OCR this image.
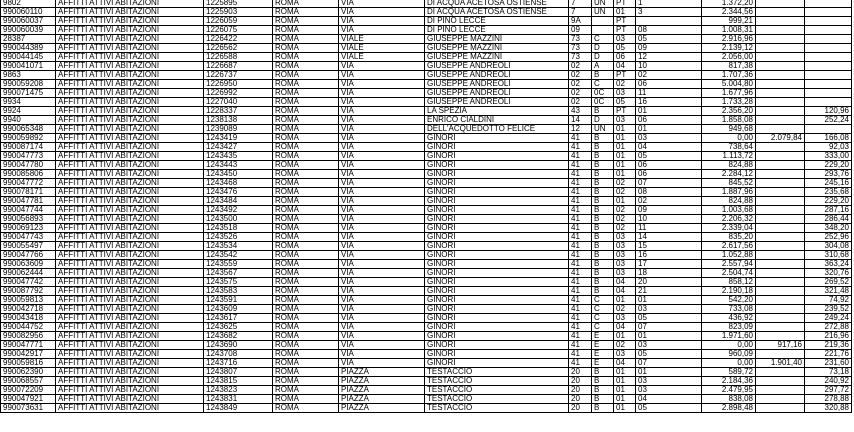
9802	AFFITTI ATTIVI ABITAZIONI	1225895	ROMA	VIA	DI ACQUA ACETOSA OSTIENSE	7	UN	PT	1	1.372,20		
990060110	AFFITTI ATTIVI ABITAZIONI	1225903	ROMA	VIA	DI ACQUA ACETOSA OSTIENSE	7	UN	01	3	2.344,56		
990060037	AFFITTI ATTIVI ABITAZIONI	1226059	ROMA	VIA	DI PINO LECCE	9A		PT		999,21		
990060039	AFFITTI ATTIVI ABITAZIONI	1226075	ROMA	VIA	DI PINO LECCE	09		PT	08	1.008,31		
28387	AFFITTI ATTIVI ABITAZIONI	1226422	ROMA	VIALE	GIUSEPPE MAZZINI	73	C	03	05	2.916,96		
990044389	AFFITTI ATTIVI ABITAZIONI	1226562	ROMA	VIALE	GIUSEPPE MAZZINI	73	D	05	09	2.139,12		
990044145	AFFITTI ATTIVI ABITAZIONI	1226588	ROMA	VIALE	GIUSEPPE MAZZINI	73	D	06	12	2.056,00		
990041071	AFFITTI ATTIVI ABITAZIONI	1226687	ROMA	VIA	GIUSEPPE ANDREOLI	02	A	04	10	817,38		
9863	AFFITTI ATTIVI ABITAZIONI	1226737	ROMA	VIA	GIUSEPPE ANDREOLI	02	B	PT	02	1.707,36		
990059208	AFFITTI ATTIVI ABITAZIONI	1226950	ROMA	VIA	GIUSEPPE ANDREOLI	02	C	02	06	5.004,80		
990071475	AFFITTI ATTIVI ABITAZIONI	1226992	ROMA	VIA	GIUSEPPE ANDREOLI	02	0C	03	11	1.677,96		
9934	AFFITTI ATTIVI ABITAZIONI	1227040	ROMA	VIA	GIUSEPPE ANDREOLI	02	0C	05	16	1.733,28		
9924	AFFITTI ATTIVI ABITAZIONI	1228337	ROMA	VIA	LA SPEZIA	43	B	PT	01	2.356,20		120,96
9940	AFFITTI ATTIVI ABITAZIONI	1238138	ROMA	VIA	ENRICO CIALDINI	14	D	03	06	1.858,08		252,24
990065348	AFFITTI ATTIVI ABITAZIONI	1239089	ROMA	VIA	DELL'ACQUEDOTTO FELICE	12	UN	01	01	949,68		
990059892	AFFITTI ATTIVI ABITAZIONI	1243419	ROMA	VIA	GINORI	41	B	01	03	0,00	2.079,84	166,08
990087174	AFFITTI ATTIVI ABITAZIONI	1243427	ROMA	VIA	GINORI	41	B	01	04	738,64		92,03
990047773	AFFITTI ATTIVI ABITAZIONI	1243435	ROMA	VIA	GINORI	41	B	01	05	1.113,72		333,00
990047780	AFFITTI ATTIVI ABITAZIONI	1243443	ROMA	VIA	GINORI	41	B	01	06	824,88		229,20
990085806	AFFITTI ATTIVI ABITAZIONI	1243450	ROMA	VIA	GINORI	41	B	01	06	2.284,12		293,76
990047772	AFFITTI ATTIVI ABITAZIONI	1243468	ROMA	VIA	GINORI	41	B	02	07	845,52		245,16
990078171	AFFITTI ATTIVI ABITAZIONI	1243476	ROMA	VIA	GINORI	41	B	02	08	1.887,96		235,68
990047781	AFFITTI ATTIVI ABITAZIONI	1243484	ROMA	VIA	GINORI	41	B	01	02	824,88		229,20
990047744	AFFITTI ATTIVI ABITAZIONI	1243492	ROMA	VIA	GINORI	41	B	02	09	1.003,68		287,16
990056893	AFFITTI ATTIVI ABITAZIONI	1243500	ROMA	VIA	GINORI	41	B	02	10	2.206,32		286,44
990069123	AFFITTI ATTIVI ABITAZIONI	1243518	ROMA	VIA	GINORI	41	B	02	11	2.339,04		348,20
990047743	AFFITTI ATTIVI ABITAZIONI	1243526	ROMA	VIA	GINORI	41	B	03	14	835,20		252,96
990055497	AFFITTI ATTIVI ABITAZIONI	1243534	ROMA	VIA	GINORI	41	B	03	15	2.617,56		304,08
990047766	AFFITTI ATTIVI ABITAZIONI	1243542	ROMA	VIA	GINORI	41	B	03	16	1.052,88		310,68
990063609	AFFITTI ATTIVI ABITAZIONI	1243559	ROMA	VIA	GINORI	41	B	03	17	2.557,94		363,24
990062444	AFFITTI ATTIVI ABITAZIONI	1243567	ROMA	VIA	GINORI	41	B	03	18	2.504,74		320,76
990047742	AFFITTI ATTIVI ABITAZIONI	1243575	ROMA	VIA	GINORI	41	B	04	20	858,12		269,52
990087792	AFFITTI ATTIVI ABITAZIONI	1243583	ROMA	VIA	GINORI	41	B	04	21	2.190,18		321,48
990059813	AFFITTI ATTIVI ABITAZIONI	1243591	ROMA	VIA	GINORI	41	C	01	01	542,20		74,92
990042718	AFFITTI ATTIVI ABITAZIONI	1243609	ROMA	VIA	GINORI	41	C	02	03	733,08		239,52
990043418	AFFITTI ATTIVI ABITAZIONI	1243617	ROMA	VIA	GINORI	41	C	03	05	436,92		249,24
990044752	AFFITTI ATTIVI ABITAZIONI	1243625	ROMA	VIA	GINORI	41	C	04	07	823,09		272,88
990082956	AFFITTI ATTIVI ABITAZIONI	1243682	ROMA	VIA	GINORI	41	E	01	01	1.971,60		216,96
990047771	AFFITTI ATTIVI ABITAZIONI	1243690	ROMA	VIA	GINORI	41	E	02	03	0,00	917,16	219,36
990042917	AFFITTI ATTIVI ABITAZIONI	1243708	ROMA	VIA	GINORI	41	E	03	05	960,09		221,76
990059816	AFFITTI ATTIVI ABITAZIONI	1243716	ROMA	VIA	GINORI	41	E	04	07	0,00	1.901,40	231,60
990062390	AFFITTI ATTIVI ABITAZIONI	1243807	ROMA	PIAZZA	TESTACCIO	20	B	01	01	589,72		73,18
990068557	AFFITTI ATTIVI ABITAZIONI	1243815	ROMA	PIAZZA	TESTACCIO	20	B	01	03	2.184,36		240,92
990072209	AFFITTI ATTIVI ABITAZIONI	1243823	ROMA	PIAZZA	TESTACCIO	20	B	01	03	2.479,95		297,72
990047921	AFFITTI ATTIVI ABITAZIONI	1243831	ROMA	PIAZZA	TESTACCIO	20	B	01	04	838,08		278,88
990073631	AFFITTI ATTIVI ABITAZIONI	1243849	ROMA	PIAZZA	TESTACCIO	20	B	01	05	2.898,48		320,88
